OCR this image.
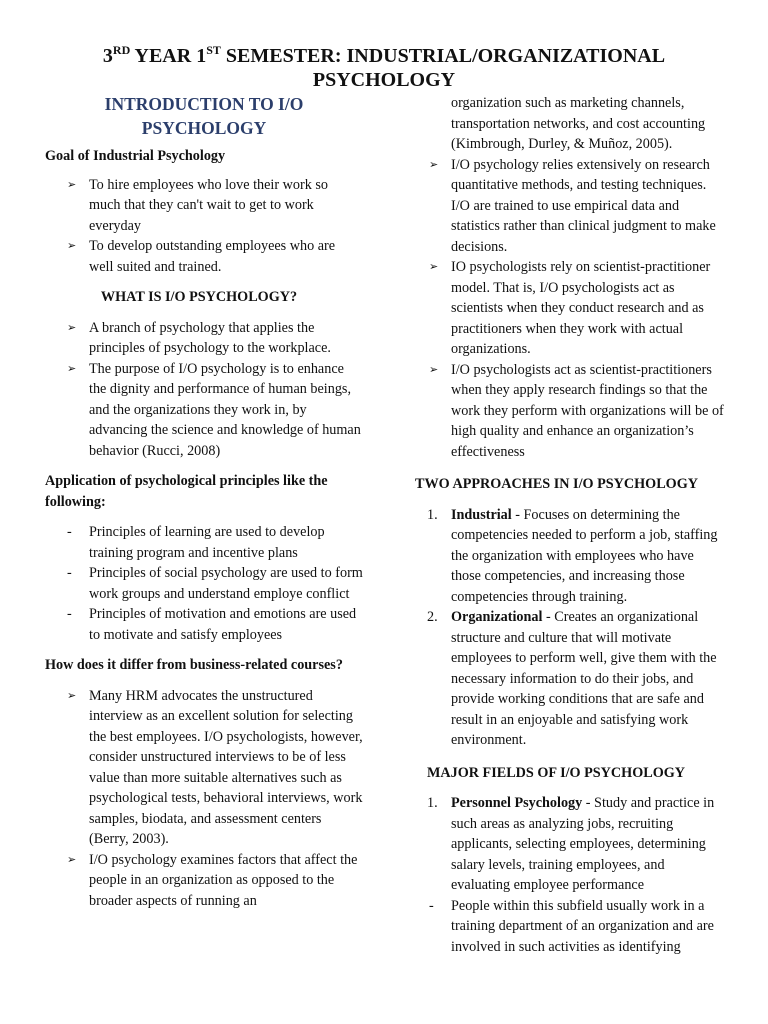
3RD YEAR 1ST SEMESTER: INDUSTRIAL/ORGANIZATIONAL
PSYCHOLOGY
INTRODUCTION TO I/O
PSYCHOLOGY

Goal of Industrial Psychology

➢ To hire employees who love their work so much that they can't wait to get to work everyday
➢ To develop outstanding employees who are well suited and trained.

WHAT IS I/O PSYCHOLOGY?

➢ A branch of psychology that applies the principles of psychology to the workplace.
➢ The purpose of I/O psychology is to enhance the dignity and performance of human beings, and the organizations they work in, by advancing the science and knowledge of human behavior (Rucci, 2008)

Application of psychological principles like the following:

- Principles of learning are used to develop training program and incentive plans
- Principles of social psychology are used to form work groups and understand employe conflict
- Principles of motivation and emotions are used to motivate and satisfy employees

How does it differ from business-related courses?

➢ Many HRM advocates the unstructured interview as an excellent solution for selecting the best employees. I/O psychologists, however, consider unstructured interviews to be of less value than more suitable alternatives such as psychological tests, behavioral interviews, work samples, biodata, and assessment centers (Berry, 2003).
➢ I/O psychology examines factors that affect the people in an organization as opposed to the broader aspects of running an

organization such as marketing channels, transportation networks, and cost accounting (Kimbrough, Durley, & Muñoz, 2005).

➢ I/O psychology relies extensively on research quantitative methods, and testing techniques. I/O are trained to use empirical data and statistics rather than clinical judgment to make decisions.
➢ IO psychologists rely on scientist-practitioner model. That is, I/O psychologists act as scientists when they conduct research and as practitioners when they work with actual organizations.
➢ I/O psychologists act as scientist-practitioners when they apply research findings so that the work they perform with organizations will be of high quality and enhance an organization’s effectiveness

TWO APPROACHES IN I/O PSYCHOLOGY

1. Industrial - Focuses on determining the competencies needed to perform a job, staffing the organization with employees who have those competencies, and increasing those competencies through training.
2. Organizational - Creates an organizational structure and culture that will motivate employees to perform well, give them with the necessary information to do their jobs, and provide working conditions that are safe and result in an enjoyable and satisfying work environment.

MAJOR FIELDS OF I/O PSYCHOLOGY

1. Personnel Psychology - Study and practice in such areas as analyzing jobs, recruiting applicants, selecting employees, determining salary levels, training employees, and evaluating employee performance
- People within this subfield usually work in a training department of an organization and are involved in such activities as identifying
